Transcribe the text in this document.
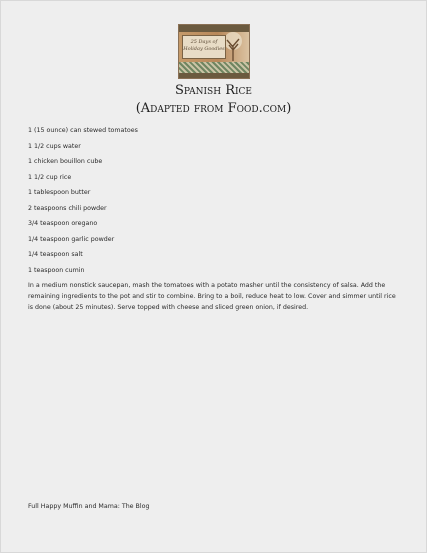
25 Days of Holiday Goodies
Spanish Rice

(Adapted from Food.com)

1 (15 ounce) can stewed tomatoes
1 1/2 cups water
1 chicken bouillon cube
1 1/2 cup rice
1 tablespoon butter
2 teaspoons chili powder
3/4 teaspoon oregano
1/4 teaspoon garlic powder
1/4 teaspoon salt
1 teaspoon cumin

In a medium nonstick saucepan, mash the tomatoes with a potato masher until the consistency of salsa. Add the remaining ingredients to the pot and stir to combine. Bring to a boil, reduce heat to low. Cover and simmer until rice is done (about 25 minutes). Serve topped with cheese and sliced green onion, if desired.

Full Happy Muffin and Mama: The Blog
